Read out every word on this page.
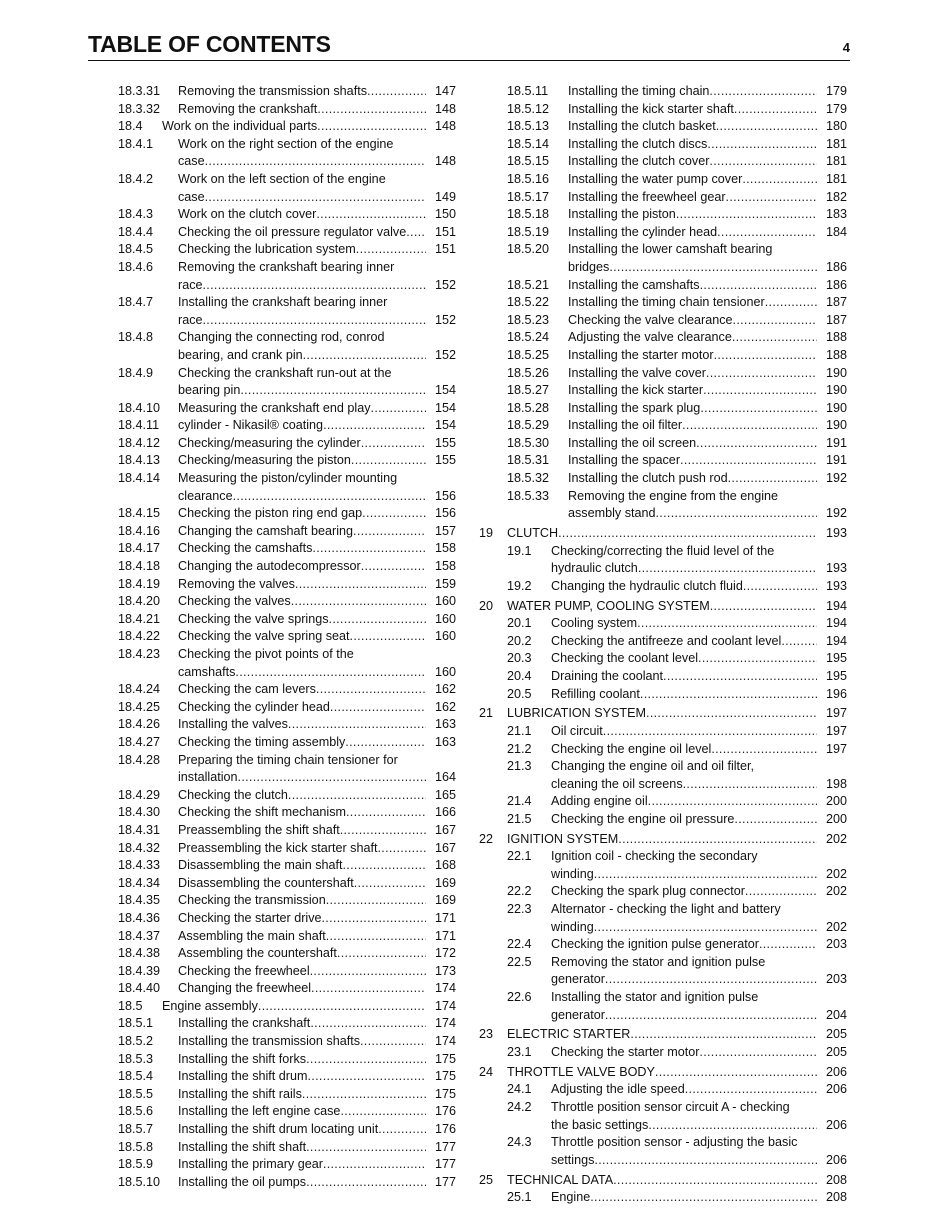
TABLE OF CONTENTS	4
18.3.31 Removing the transmission shafts . . .	147
18.3.32 Removing the crankshaft . . .	148
18.4 Work on the individual parts . . .	148
18.4.1 Work on the right section of the engine
case . . .	148
18.4.2 Work on the left section of the engine
case . . .	149
18.4.3 Work on the clutch cover . . .	150
18.4.4 Checking the oil pressure regulator valve . . .	151
18.4.5 Checking the lubrication system . . .	151
18.4.6 Removing the crankshaft bearing inner
race . . .	152
18.4.7 Installing the crankshaft bearing inner
race . . .	152
18.4.8 Changing the connecting rod, conrod
bearing, and crank pin . . .	152
18.4.9 Checking the crankshaft run-out at the
bearing pin . . .	154
18.4.10 Measuring the crankshaft end play . . .	154
18.4.11 cylinder - Nikasil® coating . . .	154
18.4.12 Checking/measuring the cylinder . . .	155
18.4.13 Checking/measuring the piston . . .	155
18.4.14 Measuring the piston/cylinder mounting
clearance . . .	156
18.4.15 Checking the piston ring end gap . . .	156
18.4.16 Changing the camshaft bearing . . .	157
18.4.17 Checking the camshafts . . .	158
18.4.18 Changing the autodecompressor . . .	158
18.4.19 Removing the valves . . .	159
18.4.20 Checking the valves . . .	160
18.4.21 Checking the valve springs . . .	160
18.4.22 Checking the valve spring seat . . .	160
18.4.23 Checking the pivot points of the
camshafts . . .	160
18.4.24 Checking the cam levers . . .	162
18.4.25 Checking the cylinder head . . .	162
18.4.26 Installing the valves . . .	163
18.4.27 Checking the timing assembly . . .	163
18.4.28 Preparing the timing chain tensioner for
installation . . .	164
18.4.29 Checking the clutch . . .	165
18.4.30 Checking the shift mechanism . . .	166
18.4.31 Preassembling the shift shaft . . .	167
18.4.32 Preassembling the kick starter shaft . . .	167
18.4.33 Disassembling the main shaft . . .	168
18.4.34 Disassembling the countershaft . . .	169
18.4.35 Checking the transmission . . .	169
18.4.36 Checking the starter drive . . .	171
18.4.37 Assembling the main shaft . . .	171
18.4.38 Assembling the countershaft . . .	172
18.4.39 Checking the freewheel . . .	173
18.4.40 Changing the freewheel . . .	174
18.5 Engine assembly . . .	174
18.5.1 Installing the crankshaft . . .	174
18.5.2 Installing the transmission shafts . . .	174
18.5.3 Installing the shift forks . . .	175
18.5.4 Installing the shift drum . . .	175
18.5.5 Installing the shift rails . . .	175
18.5.6 Installing the left engine case . . .	176
18.5.7 Installing the shift drum locating unit . . .	176
18.5.8 Installing the shift shaft . . .	177
18.5.9 Installing the primary gear . . .	177
18.5.10 Installing the oil pumps . . .	177
18.5.11 Installing the timing chain . . .	179
18.5.12 Installing the kick starter shaft . . .	179
18.5.13 Installing the clutch basket . . .	180
18.5.14 Installing the clutch discs . . .	181
18.5.15 Installing the clutch cover . . .	181
18.5.16 Installing the water pump cover . . .	181
18.5.17 Installing the freewheel gear . . .	182
18.5.18 Installing the piston . . .	183
18.5.19 Installing the cylinder head . . .	184
18.5.20 Installing the lower camshaft bearing
bridges . . .	186
18.5.21 Installing the camshafts . . .	186
18.5.22 Installing the timing chain tensioner . . .	187
18.5.23 Checking the valve clearance . . .	187
18.5.24 Adjusting the valve clearance . . .	188
18.5.25 Installing the starter motor . . .	188
18.5.26 Installing the valve cover . . .	190
18.5.27 Installing the kick starter . . .	190
18.5.28 Installing the spark plug . . .	190
18.5.29 Installing the oil filter . . .	190
18.5.30 Installing the oil screen . . .	191
18.5.31 Installing the spacer . . .	191
18.5.32 Installing the clutch push rod . . .	192
18.5.33 Removing the engine from the engine
assembly stand . . .	192
19 CLUTCH . . .	193
19.1 Checking/correcting the fluid level of the
hydraulic clutch . . .	193
19.2 Changing the hydraulic clutch fluid . . .	193
20 WATER PUMP, COOLING SYSTEM . . .	194
20.1 Cooling system . . .	194
20.2 Checking the antifreeze and coolant level . . .	194
20.3 Checking the coolant level . . .	195
20.4 Draining the coolant . . .	195
20.5 Refilling coolant . . .	196
21 LUBRICATION SYSTEM . . .	197
21.1 Oil circuit . . .	197
21.2 Checking the engine oil level . . .	197
21.3 Changing the engine oil and oil filter,
cleaning the oil screens . . .	198
21.4 Adding engine oil . . .	200
21.5 Checking the engine oil pressure . . .	200
22 IGNITION SYSTEM . . .	202
22.1 Ignition coil - checking the secondary
winding . . .	202
22.2 Checking the spark plug connector . . .	202
22.3 Alternator - checking the light and battery
winding . . .	202
22.4 Checking the ignition pulse generator . . .	203
22.5 Removing the stator and ignition pulse
generator . . .	203
22.6 Installing the stator and ignition pulse
generator . . .	204
23 ELECTRIC STARTER . . .	205
23.1 Checking the starter motor . . .	205
24 THROTTLE VALVE BODY . . .	206
24.1 Adjusting the idle speed . . .	206
24.2 Throttle position sensor circuit A - checking
the basic settings . . .	206
24.3 Throttle position sensor - adjusting the basic
settings . . .	206
25 TECHNICAL DATA . . .	208
25.1 Engine . . .	208
